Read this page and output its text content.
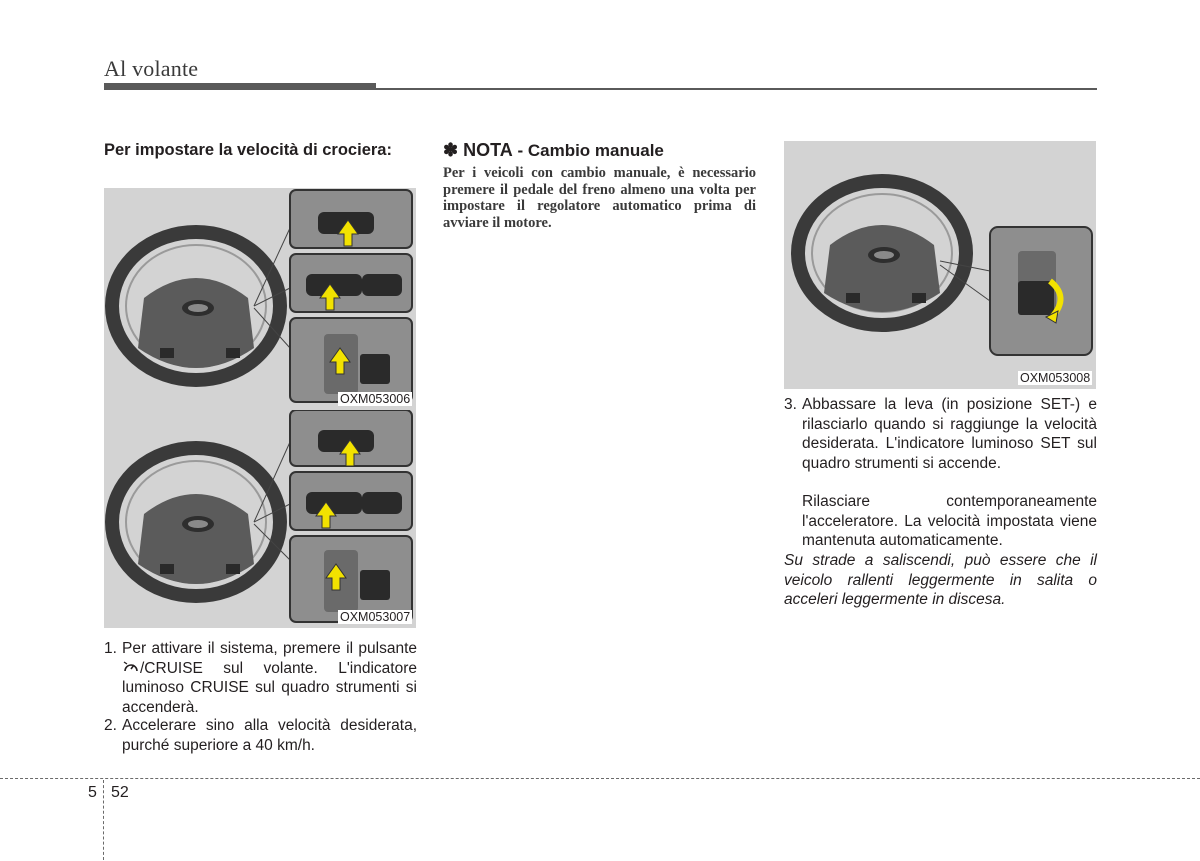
Al volante
Per impostare la velocità di crociera:
OXM053006
OXM053007
✽ NOTA - Cambio manuale
Per i veicoli con cambio manuale, è necessario premere il pedale del freno almeno una volta per impostare il regolatore automatico prima di avviare il motore.
OXM053008
1. Per attivare il sistema, premere il pulsante /CRUISE sul volante. L'indicatore luminoso CRUISE sul quadro strumenti si accenderà.
2. Accelerare sino alla velocità desiderata, purché superiore a 40 km/h.
3. Abbassare la leva (in posizione SET-) e rilasciarlo quando si raggiunge la velocità desiderata. L'indicatore luminoso SET sul quadro strumenti si accende.
Rilasciare contemporaneamente l'acceleratore. La velocità impostata viene mantenuta automaticamente.
Su strade a saliscendi, può essere che il veicolo rallenti leggermente in salita o acceleri leggermente in discesa.
5 52
